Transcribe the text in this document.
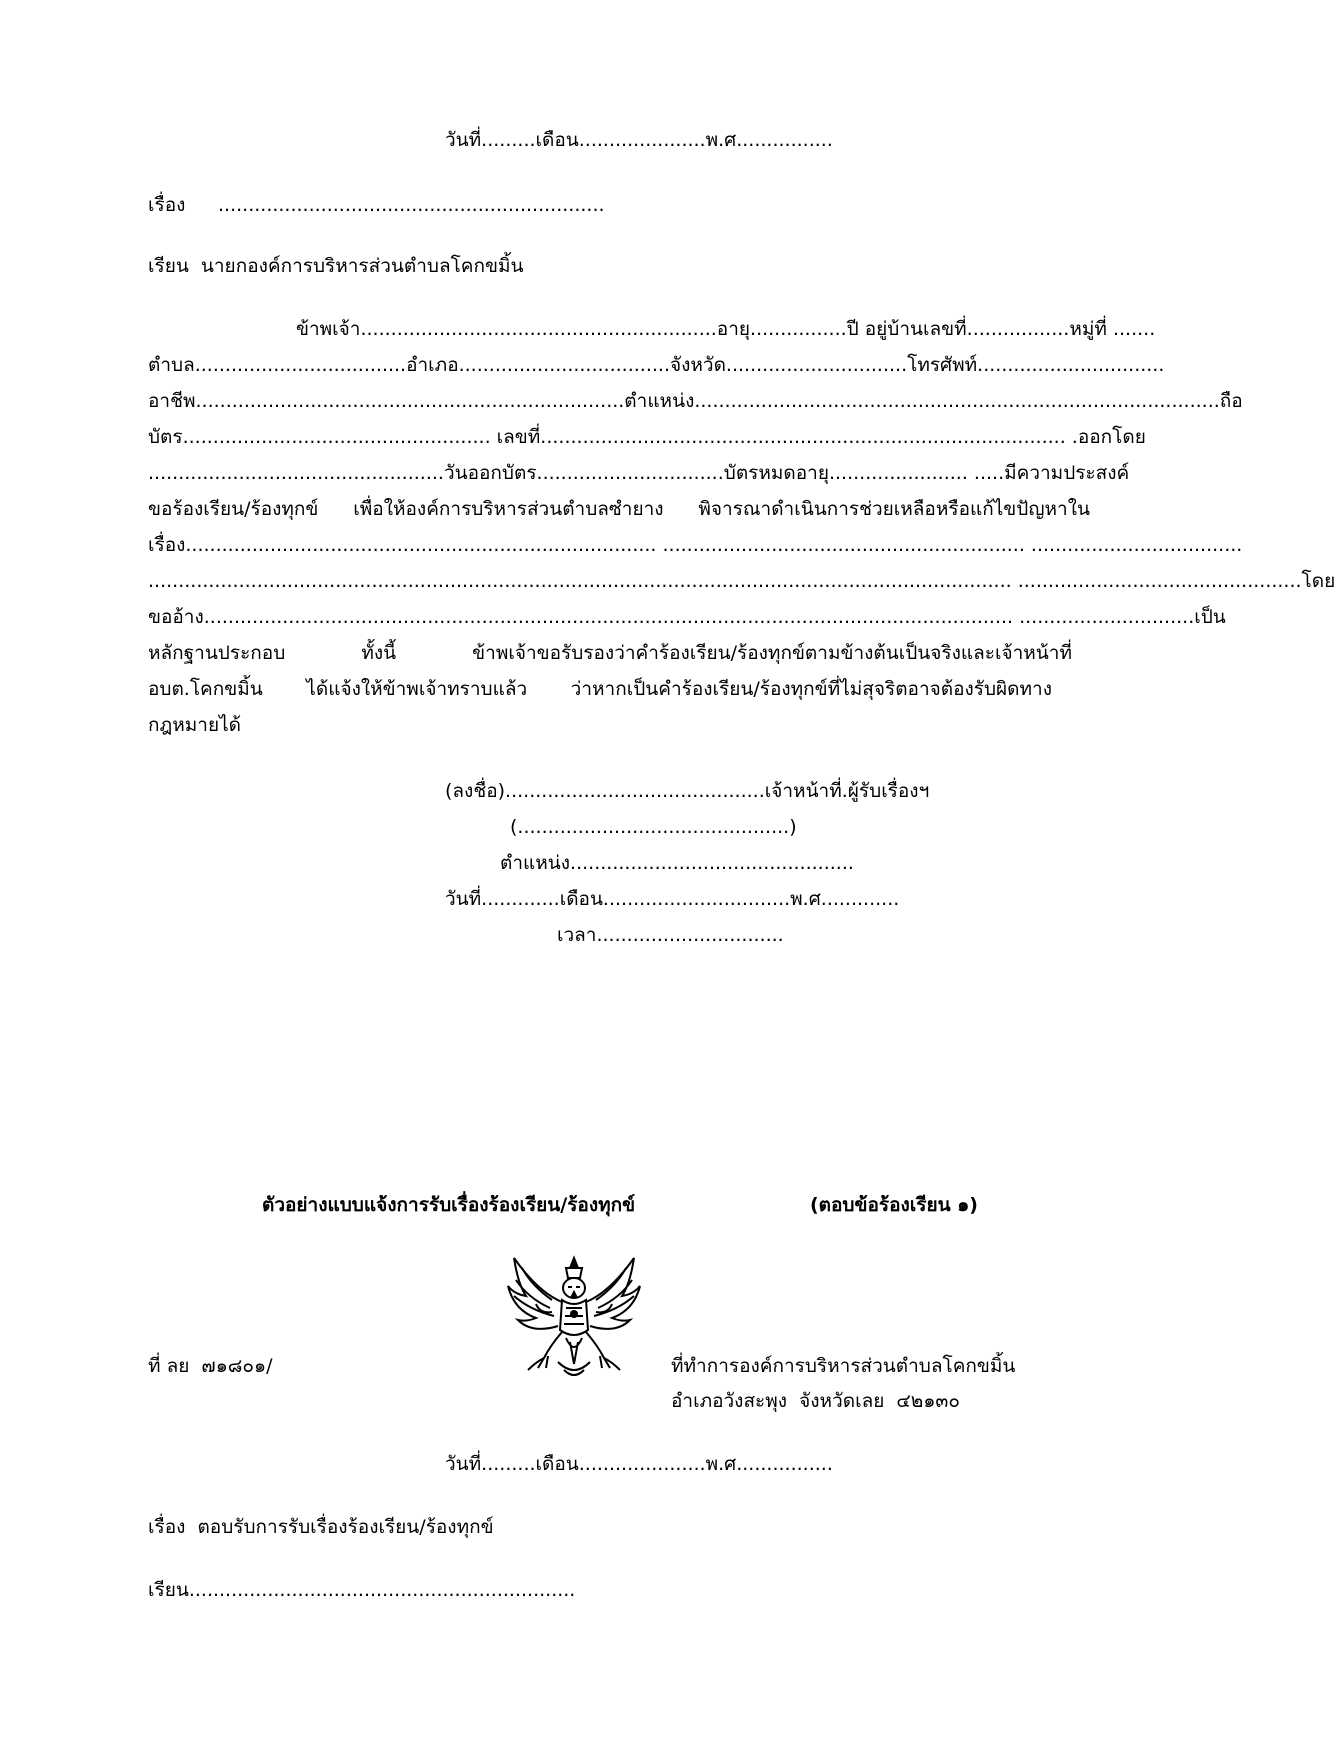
วันที่.........เดือน.....................พ.ศ................
เรื่อง ................................................................
เรียน  นายกองค์การบริหารส่วนตำบลโคกขมิ้น
ข้าพเจ้า...........................................................อายุ................ปี อยู่บ้านเลขที่.................หมู่ที่ .......
ตำบล...................................อำเภอ...................................จังหวัด..............................โทรศัพท์...............................
อาชีพ.......................................................................ตำแหน่ง.......................................................................................ถือ
บัตร................................................... เลขที่....................................................................................... .ออกโดย
.................................................วันออกบัตร...............................บัตรหมดอายุ....................... .....มีความประสงค์
ขอร้องเรียน/ร้องทุกข์ เพื่อให้องค์การบริหารส่วนตำบลซำยาง พิจารณาดำเนินการช่วยเหลือหรือแก้ไขปัญหาใน
เรื่อง.............................................................................. ............................................................ ...................................
............................................................................................................................................... ...............................................โดย
ขออ้าง...................................................................................................................................... .............................เป็น
หลักฐานประกอบ ทั้งนี้ ข้าพเจ้าขอรับรองว่าคำร้องเรียน/ร้องทุกข์ตามข้างต้นเป็นจริงและเจ้าหน้าที่
อบต.โคกขมิ้น ได้แจ้งให้ข้าพเจ้าทราบแล้ว ว่าหากเป็นคำร้องเรียน/ร้องทุกข์ที่ไม่สุจริตอาจต้องรับผิดทาง
กฎหมายได้
(ลงชื่อ)...........................................เจ้าหน้าที่.ผู้รับเรื่องฯ
(.............................................)
ตำแหน่ง...............................................
วันที่.............เดือน...............................พ.ศ.............
เวลา...............................
ตัวอย่างแบบแจ้งการรับเรื่องร้องเรียน/ร้องทุกข์	(ตอบข้อร้องเรียน ๑)
ที่ ลย  ๗๑๘๐๑/	ที่ทำการองค์การบริหารส่วนตำบลโคกขมิ้น
อำเภอวังสะพุง  จังหวัดเลย  ๔๒๑๓๐
วันที่.........เดือน.....................พ.ศ................
เรื่อง  ตอบรับการรับเรื่องร้องเรียน/ร้องทุกข์
เรียน................................................................
